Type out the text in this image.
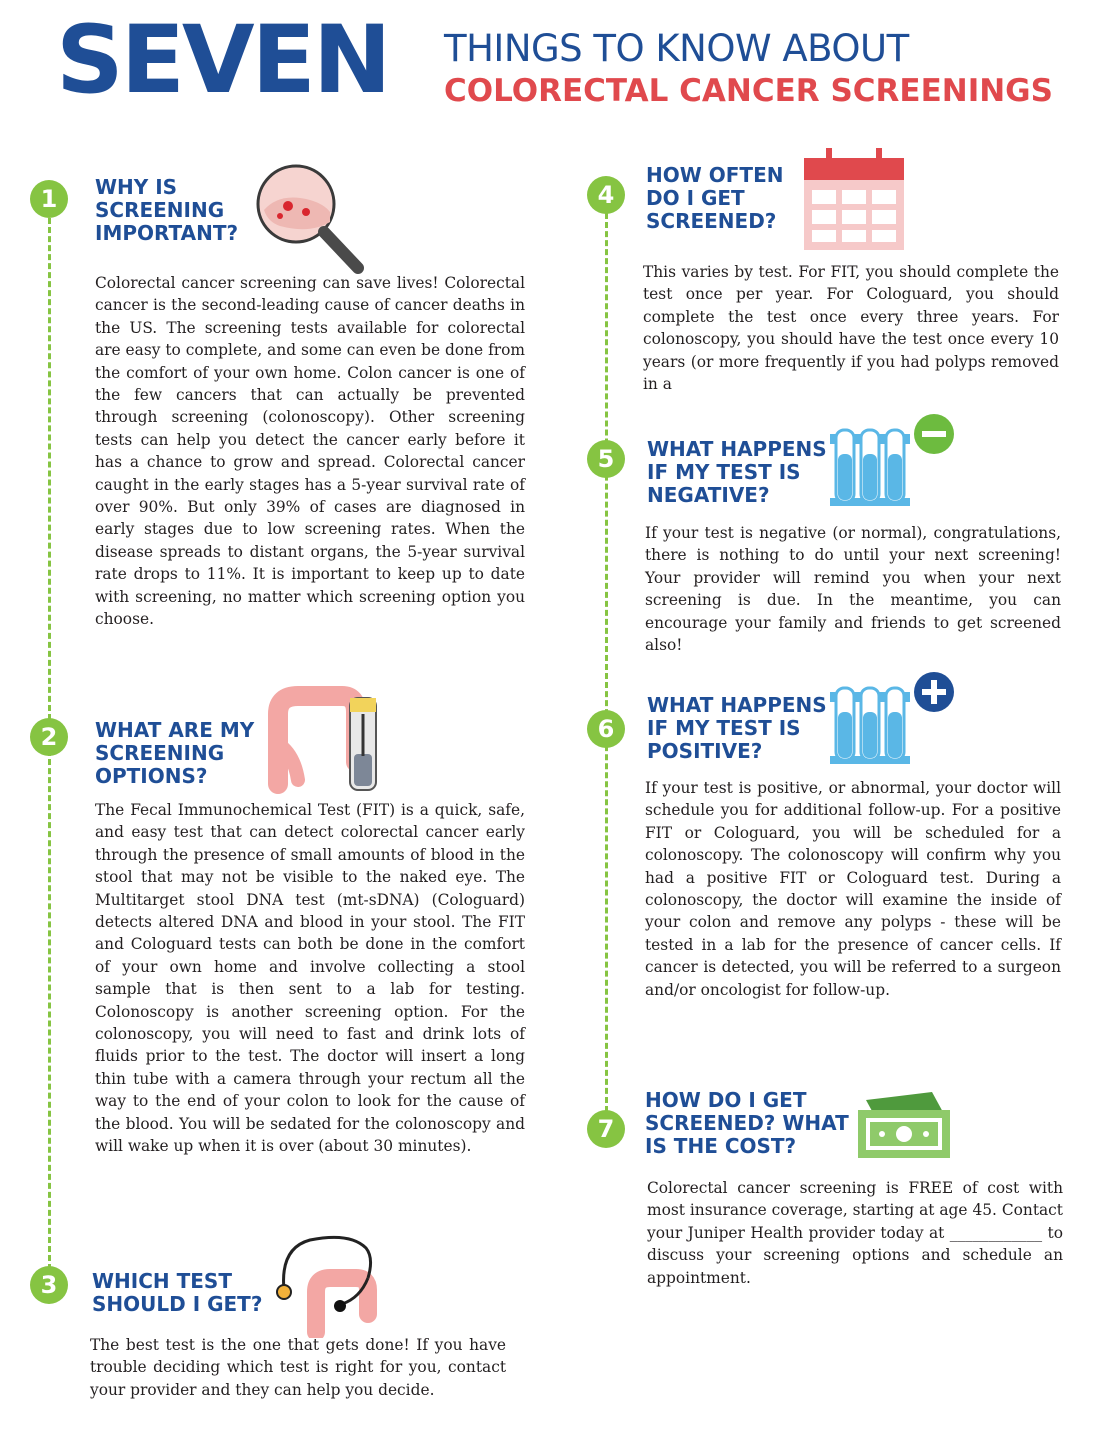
SEVEN THINGS TO KNOW ABOUT
COLORECTAL CANCER SCREENINGS
1	WHY IS
SCREENING
IMPORTANT?
Colorectal cancer screening can save lives! Colorectal cancer is the second-leading cause of cancer deaths in the US. The screening tests available for colorectal are easy to complete, and some can even be done from the comfort of your own home. Colon cancer is one of the few cancers that can actually be prevented through screening (colonoscopy). Other screening tests can help you detect the cancer early before it has a chance to grow and spread. Colorectal cancer caught in the early stages has a 5-year survival rate of over 90%. But only 39% of cases are diagnosed in early stages due to low screening rates. When the disease spreads to distant organs, the 5-year survival rate drops to 11%. It is important to keep up to date with screening, no matter which screening option you choose.
2	WHAT ARE MY
SCREENING
OPTIONS?
The Fecal Immunochemical Test (FIT) is a quick, safe, and easy test that can detect colorectal cancer early through the presence of small amounts of blood in the stool that may not be visible to the naked eye. The Multitarget stool DNA test (mt-sDNA) (Cologuard) detects altered DNA and blood in your stool. The FIT and Cologuard tests can both be done in the comfort of your own home and involve collecting a stool sample that is then sent to a lab for testing. Colonoscopy is another screening option. For the colonoscopy, you will need to fast and drink lots of fluids prior to the test. The doctor will insert a long thin tube with a camera through your rectum all the way to the end of your colon to look for the cause of the blood. You will be sedated for the colonoscopy and will wake up when it is over (about 30 minutes).
3	WHICH TEST
SHOULD I GET?
The best test is the one that gets done! If you have trouble deciding which test is right for you, contact your provider and they can help you decide.
4
HOW OFTEN
DO I GET
SCREENED?
This varies by test. For FIT, you should complete the test once per year. For Cologuard, you should complete the test once every three years. For colonoscopy, you should have the test once every 10 years (or more frequently if you had polyps removed in a
5	WHAT HAPPENS
IF MY TEST IS
NEGATIVE?
If your test is negative (or normal), congratulations, there is nothing to do until your next screening! Your provider will remind you when your next screening is due. In the meantime, you can encourage your family and friends to get screened also!
6
WHAT HAPPENS
IF MY TEST IS
POSITIVE?
If your test is positive, or abnormal, your doctor will schedule you for additional follow-up. For a positive FIT or Cologuard, you will be scheduled for a colonoscopy. The colonoscopy will confirm why you had a positive FIT or Cologuard test. During a colonoscopy, the doctor will examine the inside of your colon and remove any polyps - these will be tested in a lab for the presence of cancer cells. If cancer is detected, you will be referred to a surgeon and/or oncologist for follow-up.
7
HOW DO I GET
SCREENED? WHAT
IS THE COST?
Colorectal cancer screening is FREE of cost with most insurance coverage, starting at age 45. Contact your Juniper Health provider today at ____________ to discuss your screening options and schedule an appointment.
